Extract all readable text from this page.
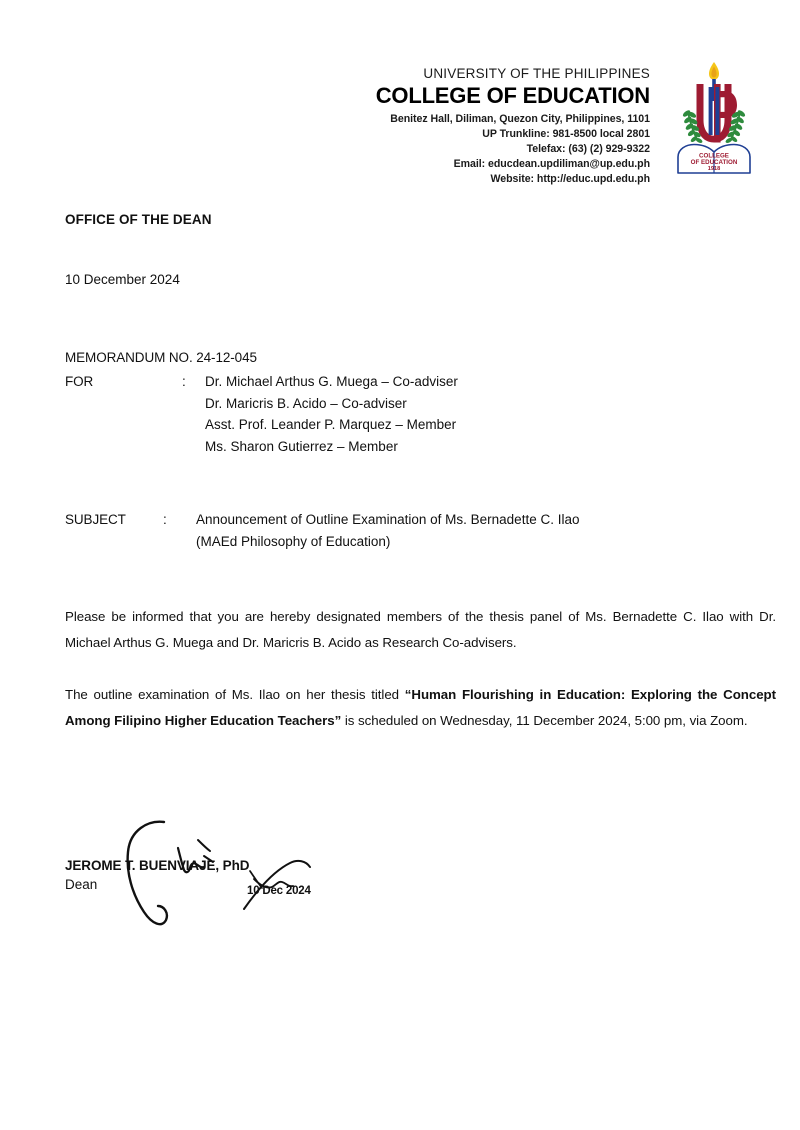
UNIVERSITY OF THE PHILIPPINES
COLLEGE OF EDUCATION
Benitez Hall, Diliman, Quezon City, Philippines, 1101
UP Trunkline: 981-8500 local 2801
Telefax: (63) (2) 929-9322
Email: educdean.updiliman@up.edu.ph
Website: http://educ.upd.edu.ph
COLLEGE
OF EDUCATION
1918
OFFICE OF THE DEAN
10 December 2024
MEMORANDUM NO. 24-12-045
FOR	:	Dr. Michael Arthus G. Muega – Co-adviser
Dr. Maricris B. Acido – Co-adviser
Asst. Prof. Leander P. Marquez – Member
Ms. Sharon Gutierrez – Member
SUBJECT	:	Announcement of Outline Examination of Ms. Bernadette C. Ilao
(MAEd Philosophy of Education)
Please be informed that you are hereby designated members of the thesis panel of Ms. Bernadette C. Ilao with Dr. Michael Arthus G. Muega and Dr. Maricris B. Acido as Research Co-advisers.
The outline examination of Ms. Ilao on her thesis titled “Human Flourishing in Education: Exploring the Concept Among Filipino Higher Education Teachers” is scheduled on Wednesday, 11 December 2024, 5:00 pm, via Zoom.
10 Dec 2024
JEROME T. BUENVIAJE, PhD
Dean
